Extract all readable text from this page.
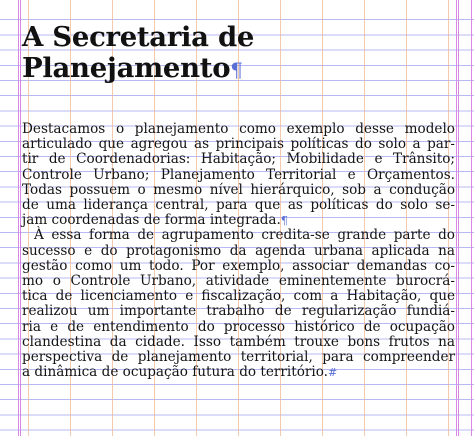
A Secretaria de
Planejamento¶
Destacamos o planejamento como exemplo desse modelo
articulado que agregou as principais políticas do solo a par-
tir de Coordenadorias: Habitação; Mobilidade e Trânsito;
Controle Urbano; Planejamento Territorial e Orçamentos.
Todas possuem o mesmo nível hierárquico, sob a condução
de uma liderança central, para que as políticas do solo se-
jam coordenadas de forma integrada.¶
À essa forma de agrupamento credita-se grande parte do
sucesso e do protagonismo da agenda urbana aplicada na
gestão como um todo. Por exemplo, associar demandas co-
mo o Controle Urbano, atividade eminentemente burocrá-
tica de licenciamento e fiscalização, com a Habitação, que
realizou um importante trabalho de regularização fundiá-
ria e de entendimento do processo histórico de ocupação
clandestina da cidade. Isso também trouxe bons frutos na
perspectiva de planejamento territorial, para compreender
a dinâmica de ocupação futura do território.#
